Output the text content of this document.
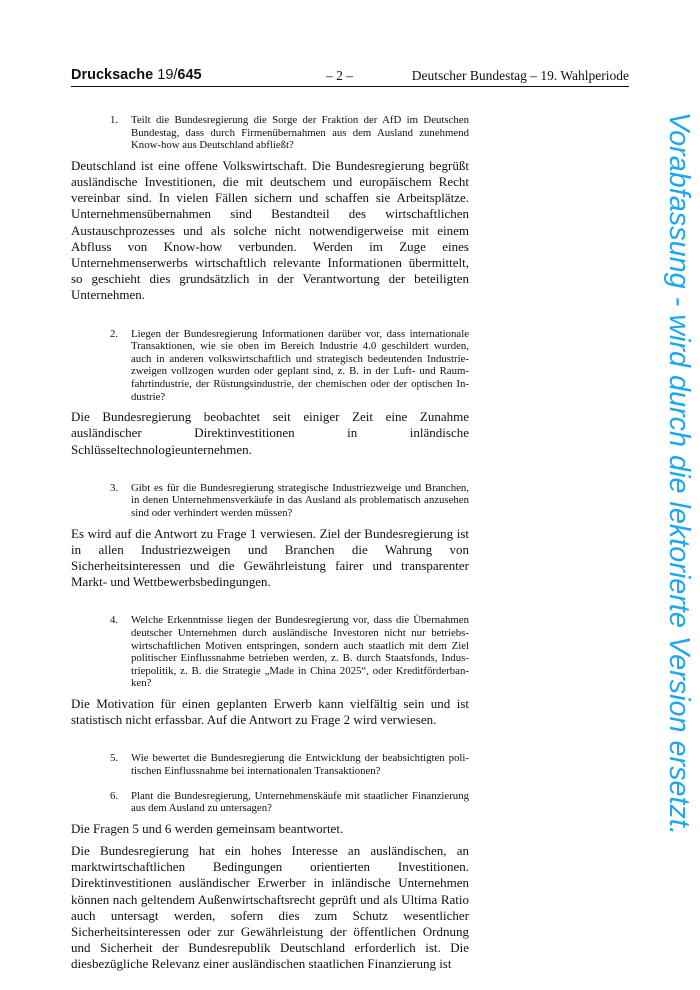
Drucksache 19/645	– 2 –	Deutscher Bundestag – 19. Wahlperiode
1. Teilt die Bundesregierung die Sorge der Fraktion der AfD im Deutschen Bundestag, dass durch Firmenübernahmen aus dem Ausland zunehmend Know-how aus Deutschland abfließt?
Deutschland ist eine offene Volkswirtschaft. Die Bundesregierung begrüßt ausländische Investitionen, die mit deutschem und europäischem Recht vereinbar sind. In vielen Fällen sichern und schaffen sie Arbeitsplätze. Unternehmensübernahmen sind Bestandteil des wirtschaftlichen Austauschprozesses und als solche nicht notwendigerweise mit einem Abfluss von Know-how verbunden. Werden im Zuge eines Unternehmenserwerbs wirtschaftlich relevante Informationen übermittelt, so geschieht dies grundsätzlich in der Verantwortung der beteiligten Unternehmen.
2. Liegen der Bundesregierung Informationen darüber vor, dass internationale Transaktionen, wie sie oben im Bereich Industrie 4.0 geschildert wurden, auch in anderen volkswirtschaftlich und strategisch bedeutenden Industriezweigen vollzogen wurden oder geplant sind, z. B. in der Luft- und Raumfahrtindustrie, der Rüstungsindustrie, der chemischen oder der optischen Industrie?
Die Bundesregierung beobachtet seit einiger Zeit eine Zunahme ausländischer Direktinvestitionen in inländische Schlüsseltechnologieunternehmen.
3. Gibt es für die Bundesregierung strategische Industriezweige und Branchen, in denen Unternehmensverkäufe in das Ausland als problematisch anzusehen sind oder verhindert werden müssen?
Es wird auf die Antwort zu Frage 1 verwiesen. Ziel der Bundesregierung ist in allen Industriezweigen und Branchen die Wahrung von Sicherheitsinteressen und die Gewährleistung fairer und transparenter Markt- und Wettbewerbsbedingungen.
4. Welche Erkenntnisse liegen der Bundesregierung vor, dass die Übernahmen deutscher Unternehmen durch ausländische Investoren nicht nur betriebswirtschaftlichen Motiven entspringen, sondern auch staatlich mit dem Ziel politischer Einflussnahme betrieben werden, z. B. durch Staatsfonds, Industriepolitik, z. B. die Strategie „Made in China 2025“, oder Kreditförderbanken?
Die Motivation für einen geplanten Erwerb kann vielfältig sein und ist statistisch nicht erfassbar. Auf die Antwort zu Frage 2 wird verwiesen.
5. Wie bewertet die Bundesregierung die Entwicklung der beabsichtigten politischen Einflussnahme bei internationalen Transaktionen?
6. Plant die Bundesregierung, Unternehmenskäufe mit staatlicher Finanzierung aus dem Ausland zu untersagen?
Die Fragen 5 und 6 werden gemeinsam beantwortet.
Die Bundesregierung hat ein hohes Interesse an ausländischen, an marktwirtschaftlichen Bedingungen orientierten Investitionen. Direktinvestitionen ausländischer Erwerber in inländische Unternehmen können nach geltendem Außenwirtschaftsrecht geprüft und als Ultima Ratio auch untersagt werden, sofern dies zum Schutz wesentlicher Sicherheitsinteressen oder zur Gewährleistung der öffentlichen Ordnung und Sicherheit der Bundesrepublik Deutschland erforderlich ist. Die diesbezügliche Relevanz einer ausländischen staatlichen Finanzierung ist
Vorabfassung - wird durch die lektorierte Version ersetzt.
